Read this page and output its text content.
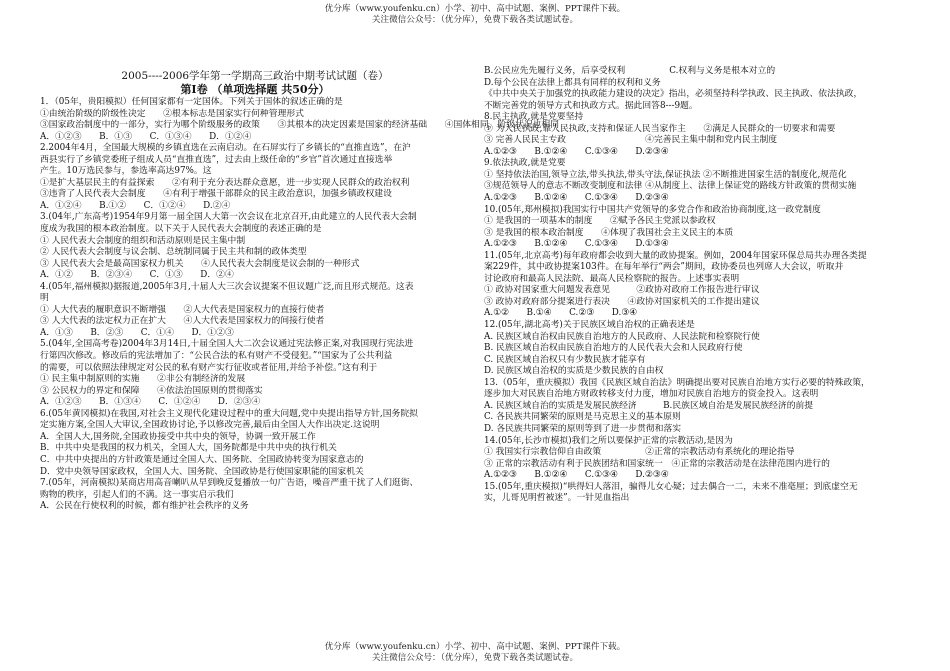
优分库（www.youfenku.cn）小学、初中、高中试题、案例、PPT课件下载。
关注微信公众号：（优分库），免费下载各类试题试卷。
2005----2006学年第一学期高三政治中期考试试题（卷）
第Ⅰ卷 （单项选择题 共50分）
1．（05年，贵阳模拟）任何国家都有一定国体。下列关于国体的叙述正确的是
①由统治阶级的阶级性决定　　②根本标志是国家实行何种管理形式
③国家政治制度中的一部分，实行为哪个阶级服务的政策　　③其根本的决定因素是国家的经济基础　　④国体相同，阶级状况也相同
A．①②③　　B．①③　　C．①③④　　D．①②④
2.2004年4月，全国最大规模的乡镇直选在云南启动。在石屏实行了乡镇长的“直推直选”，在沪
西县实行了乡镇党委班子组成人员“直推直选”，过去由上级任命的“乡官”首次通过直接选举
产生。10万选民参与，参选率高达97%。这
①是扩大基层民主的有益探索　　②有利于充分表达群众意愿，进一步实现人民群众的政治权利
③违背了人民代表大会制度　　④有利于增强干部群众的民主政治意识，加强乡镇政权建设
A．①②④　　B.①②　　C．①②④　　D.②④
3.(04年,广东高考)1954年9月第一届全国人大第一次会议在北京召开,由此建立的人民代表大会制
度成为我国的根本政治制度。以下关于人民代表大会制度的表述正确的是
① 人民代表大会制度的组织和活动原则是民主集中制
② 人民代表大会制度与议会制、总统制同属于民主共和制的政体类型
③ 人民代表大会是最高国家权力机关　　④人民代表大会制度是议会制的一种形式
A．①②　　B．②③④　　C．①③　　D．②④
4.(05年,福州模拟)据报道,2005年3月,十届人大三次会议提案不但议题广泛,而且形式规范。这表
明
① 人大代表的履职意识不断增强　　②人大代表是国家权力的直接行使者
③ 人大代表的法定权力正在扩大　　④人大代表是国家权力的间接行使者
A．①③　　B．②③　　C．①④　　D．①②③
5.(04年,全国高考卷)2004年3月14日,十届全国人大二次会议通过宪法修正案,对我国现行宪法进
行第四次修改。修改后的宪法增加了：“公民合法的私有财产不受侵犯。”“国家为了公共利益
的需要，可以依照法律规定对公民的私有财产实行征收或者征用,并给予补偿。”这有利于
① 民主集中制原则的实施　　②非公有制经济的发展
③ 公民权力的界定和保障　　④依法治国原则的贯彻落实
A．①②③　　B．①③④　　C．①②④　　D．②③④
6.(05年黄冈模拟)在我国,对社会主义现代化建设过程中的重大问题,党中央提出指导方针,国务院拟
定实施方案,全国人大审议,全国政协讨论,予以修改完善,最后由全国人大作出决定.这说明
A．全国人大,国务院,全国政协接受中共中央的领导，协调一致开展工作
B．中共中央是我国的权力机关，全国人大，国务院都是中共中央的执行机关
C．中共中央提出的方针政策是通过全国人大、国务院、全国政协转变为国家意志的
D．党中央领导国家政权，全国人大、国务院、全国政协是行使国家职能的国家机关
7.(05年，河南模拟)某商店用高音喇叭从早到晚反复播放一句广告语，噪音严重干扰了人们逛街、
购物的秩序，引起人们的不满。这一事实启示我们
A．公民在行使权利的时候，都有维护社会秩序的义务
B.公民应先先履行义务，后享受权利　　　　　C.权利与义务是根本对立的
D.每个公民在法律上都具有同样的权利和义务
《中共中央关于加强党的执政能力建设的决定》指出，必须坚持科学执政、民主执政、依法执政，
不断完善党的领导方式和执政方式。据此回答8---9题。
8.民主执政,就是党要坚持
① 为人民执政,靠人民执政,支持和保证人民当家作主　　②满足人民群众的一切要求和需要
③ 完善人民民主专政　　　　　　　　　④完善民主集中制和党内民主制度
A.①②③　　B.①②④　　C.①③④　　D.②③④
9.依法执政,就是党要
① 坚持依法治国,领导立法,带头执法,带头守法,保证执法 ②不断推进国家生活的制度化,规范化
③规范领导人的意志不断改变制度和法律 ④从制度上、法律上保证党的路线方针政策的贯彻实施
A.①②③　　B.①②④　　C.①③④　　D.②③④
10.(05年,郑州模拟)我国实行中国共产党领导的多党合作和政治协商制度,这一政党制度
① 是我国的一项基本的制度　　②赋予各民主党派以参政权
③ 是我国的根本政治制度　　④体现了我国社会主义民主的本质
A.①②③　　B.①②④　　C.①③④　　D.①③④
11.(05年,北京高考)每年政府都会收到大量的政协提案。例如，2004年国家环保总局共办理各类提
案229件，其中政协提案103件。在每年举行“两会”期间，政协委员也列席人大会议，听取并
讨论政府和最高人民法院、最高人民检察院的报告。上述事实表明
① 政协对国家重大问题发表意见　　　②政协对政府工作报告进行审议
③ 政协对政府部分提案进行表决　　④政协对国家机关的工作提出建议
A.①②　　B.①④　　C.②③　　D.③④
12.(05年,湖北高考)关于民族区域自治权的正确表述是
A. 民族区域自治权由民族自治地方的人民政府、人民法院和检察院行使
B. 民族区域自治权由民族自治地方的人民代表大会和人民政府行使
C. 民族区域自治权只有少数民族才能享有
D. 民族区域自治权的实质是少数民族的自由权
13.（05年，重庆模拟）我国《民族区域自治法》明确提出要对民族自治地方实行必要的特殊政策，
逐步加大对民族自治地方财政转移支付力度，增加对民族自治地方的资金投入。这表明
A. 民族区域自治的实质是发展民族经济　　　B.民族区域自治是发展民族经济的前提
C. 各民族共同繁荣的原则是马克思主义的基本原则
D. 各民族共同繁荣的原则等到了进一步贯彻和落实
14.(05年,长沙市模拟)我们之所以要保护正常的宗教活动,是因为
① 我国实行宗教信仰自由政策　　　　　②正常的宗教活动有系统化的理论指导
③ 正常的宗教活动有利于民族团结和国家统一　④正常的宗教活动是在法律范围内进行的
A.①②③　　B.①②④　　C.①③④　　D.②③④
15.(05年,重庆模拟)“哄得妇人落泪，骗得儿女心疑；过去偶合一二，未来不准毫厘；到底虚空无
实，儿哥见明哲被迷”。一针见血指出
优分库（www.youfenku.cn）小学、初中、高中试题、案例、PPT课件下载。
关注微信公众号：（优分库），免费下载各类试题试卷。
